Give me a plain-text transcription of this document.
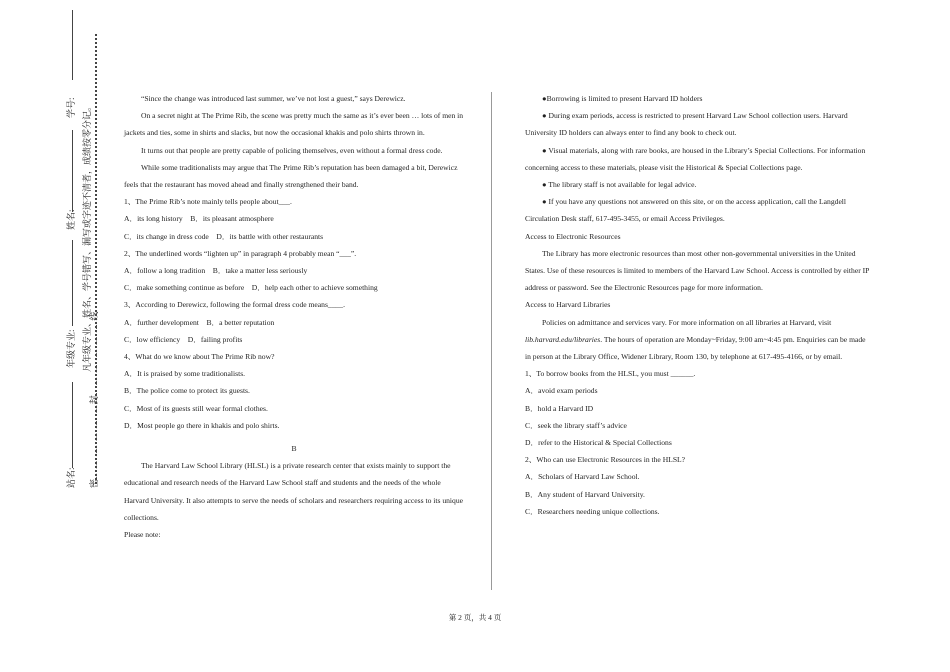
学号:
姓名:
年级专业:
站名:
凡年级专业、姓名、学号错写、漏写或字迹不清者，成绩按零分记。
密……………………封……………………线

“Since the change was introduced last summer, we’ve not lost a guest,” says Derewicz.

On a secret night at The Prime Rib, the scene was pretty much the same as it’s ever been … lots of men in jackets and ties, some in shirts and slacks, but now the occasional khakis and polo shirts thrown in.

It turns out that people are pretty capable of policing themselves, even without a formal dress code.

While some traditionalists may argue that The Prime Rib’s reputation has been damaged a bit, Derewicz feels that the restaurant has moved ahead and finally strengthened their band.

1、The Prime Rib’s note mainly tells people about___.

A．its long history    B．its pleasant atmosphere

C．its change in dress code    D．its battle with other restaurants

2、The underlined words “lighten up” in paragraph 4 probably mean “___”.

A．follow a long tradition    B．take a matter less seriously

C．make something continue as before    D．help each other to achieve something

3、According to Derewicz, following the formal dress code means____.

A．further development    B．a better reputation

C．low efficiency    D．failing profits

4、What do we know about The Prime Rib now?

A．It is praised by some traditionalists.

B．The police come to protect its guests.

C．Most of its guests still wear formal clothes.

D．Most people go there in khakis and polo shirts.

B

The Harvard Law School Library (HLSL) is a private research center that exists mainly to support the educational and research needs of the Harvard Law School staff and students and the needs of the whole Harvard University. It also attempts to serve the needs of scholars and researchers requiring access to its unique collections.

Please note:

●Borrowing is limited to present Harvard ID holders

● During exam periods, access is restricted to present Harvard Law School collection users. Harvard University ID holders can always enter to find any book to check out.

● Visual materials, along with rare books, are housed in the Library’s Special Collections. For information concerning access to these materials, please visit the Historical & Special Collections page.

● The library staff is not available for legal advice.

● If you have any questions not answered on this site, or on the access application, call the Langdell Circulation Desk staff, 617-495-3455, or email Access Privileges.

Access to Electronic Resources

The Library has more electronic resources than most other non-governmental universities in the United States. Use of these resources is limited to members of the Harvard Law School. Access is controlled by either IP address or password. See the Electronic Resources page for more information.

Access to Harvard Libraries

Policies on admittance and services vary. For more information on all libraries at Harvard, visit lib.harvard.edu/libraries. The hours of operation are Monday~Friday, 9:00 am~4:45 pm. Enquiries can be made in person at the Library Office, Widener Library, Room 130, by telephone at 617-495-4166, or by email.

1、To borrow books from the HLSL, you must ______.

A．avoid exam periods

B．hold a Harvard ID

C．seek the library staff’s advice

D．refer to the Historical & Special Collections

2、Who can use Electronic Resources in the HLSL?

A．Scholars of Harvard Law School.

B．Any student of Harvard University.

C．Researchers needing unique collections.

第 2 页，共 4 页
